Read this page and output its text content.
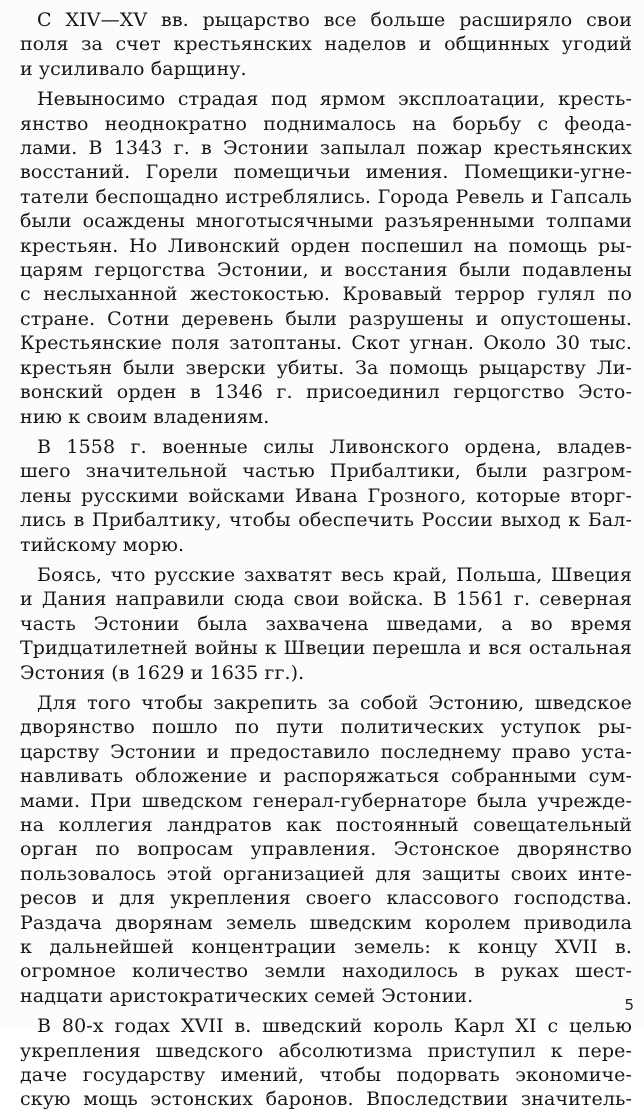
С XIV—XV вв. рыцарство все больше расширяло свои
поля за счет крестьянских наделов и общинных угодий
и усиливало барщину.

Невыносимо страдая под ярмом эксплоатации, кресть-
янство неоднократно поднималось на борьбу с феода-
лами. В 1343 г. в Эстонии запылал пожар крестьянских
восстаний. Горели помещичьи имения. Помещики-угне-
татели беспощадно истреблялись. Города Ревель и Гапсаль
были осаждены многотысячными разъяренными толпами
крестьян. Но Ливонский орден поспешил на помощь ры-
царям герцогства Эстонии, и восстания были подавлены
с неслыханной жестокостью. Кровавый террор гулял по
стране. Сотни деревень были разрушены и опустошены.
Крестьянские поля затоптаны. Скот угнан. Около 30 тыс.
крестьян были зверски убиты. За помощь рыцарству Ли-
вонский орден в 1346 г. присоединил герцогство Эсто-
нию к своим владениям.

В 1558 г. военные силы Ливонского ордена, владев-
шего значительной частью Прибалтики, были разгром-
лены русскими войсками Ивана Грозного, которые вторг-
лись в Прибалтику, чтобы обеспечить России выход к Бал-
тийскому морю.

Боясь, что русские захватят весь край, Польша, Швеция
и Дания направили сюда свои войска. В 1561 г. северная
часть Эстонии была захвачена шведами, а во время
Тридцатилетней войны к Швеции перешла и вся остальная
Эстония (в 1629 и 1635 гг.).

Для того чтобы закрепить за собой Эстонию, шведское
дворянство пошло по пути политических уступок ры-
царству Эстонии и предоставило последнему право уста-
навливать обложение и распоряжаться собранными сум-
мами. При шведском генерал-губернаторе была учрежде-
на коллегия ландратов как постоянный совещательный
орган по вопросам управления. Эстонское дворянство
пользовалось этой организацией для защиты своих инте-
ресов и для укрепления своего классового господства.
Раздача дворянам земель шведским королем приводила
к дальнейшей концентрации земель: к концу XVII в.
огромное количество земли находилось в руках шест-
надцати аристократических семей Эстонии.

В 80-х годах XVII в. шведский король Карл XI с целью
укрепления шведского абсолютизма приступил к пере-
даче государству имений, чтобы подорвать экономиче-
скую мощь эстонских баронов. Впоследствии значитель-

5
